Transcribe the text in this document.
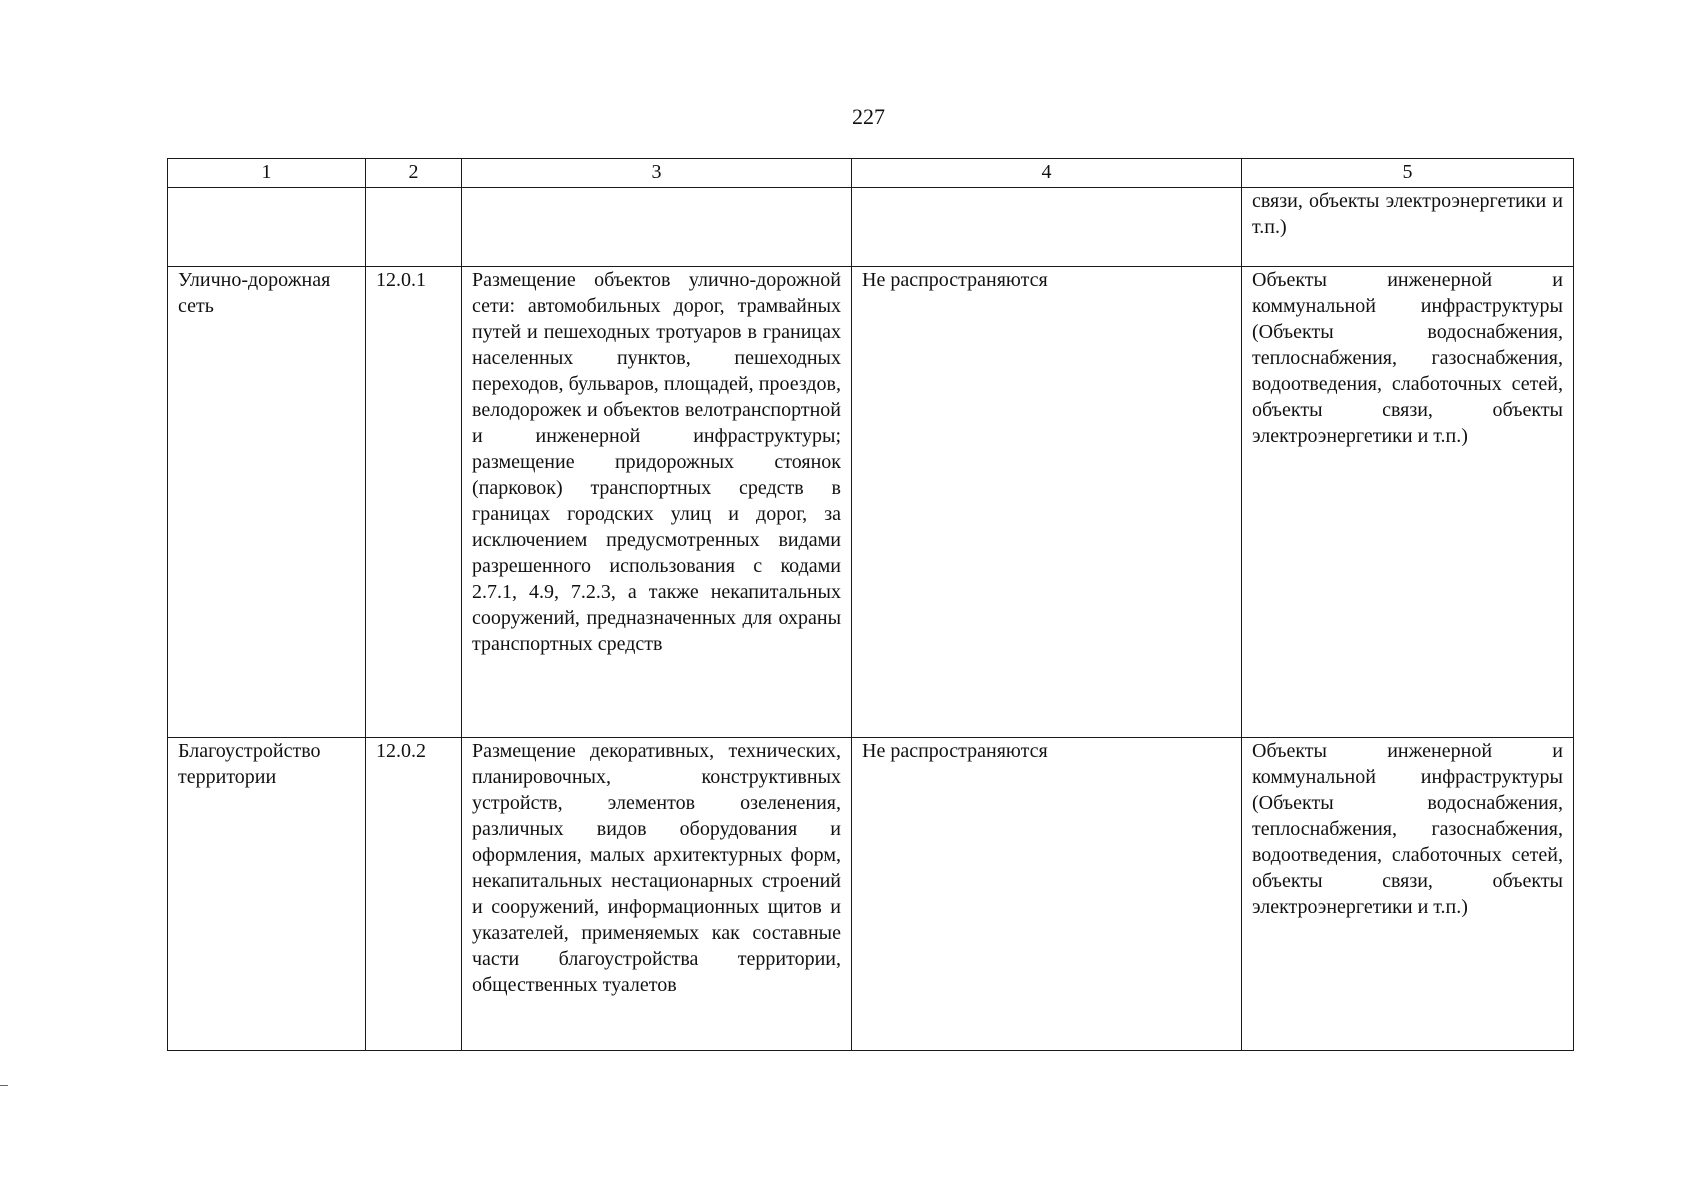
227
1	2	3	4	5
				связи, объекты электроэнергетики и т.п.)
Улично-дорожная сеть	12.0.1	Размещение объектов улично-дорожной сети: автомобильных дорог, трамвайных путей и пешеходных тротуаров в границах населенных пунктов, пешеходных переходов, бульваров, площадей, проездов, велодорожек и объектов велотранспортной и инженерной инфраструктуры; размещение придорожных стоянок (парковок) транспортных средств в границах городских улиц и дорог, за исключением предусмотренных видами разрешенного использования с кодами 2.7.1, 4.9, 7.2.3, а также некапитальных сооружений, предназначенных для охраны транспортных средств	Не распространяются	Объекты инженерной и коммунальной инфраструктуры (Объекты водоснабжения, теплоснабжения, газоснабжения, водоотведения, слаботочных сетей, объекты связи, объекты электроэнергетики и т.п.)
Благоустройство территории	12.0.2	Размещение декоративных, технических, планировочных, конструктивных устройств, элементов озеленения, различных видов оборудования и оформления, малых архитектурных форм, некапитальных нестационарных строений и сооружений, информационных щитов и указателей, применяемых как составные части благоустройства территории, общественных туалетов	Не распространяются	Объекты инженерной и коммунальной инфраструктуры (Объекты водоснабжения, теплоснабжения, газоснабжения, водоотведения, слаботочных сетей, объекты связи, объекты электроэнергетики и т.п.)
